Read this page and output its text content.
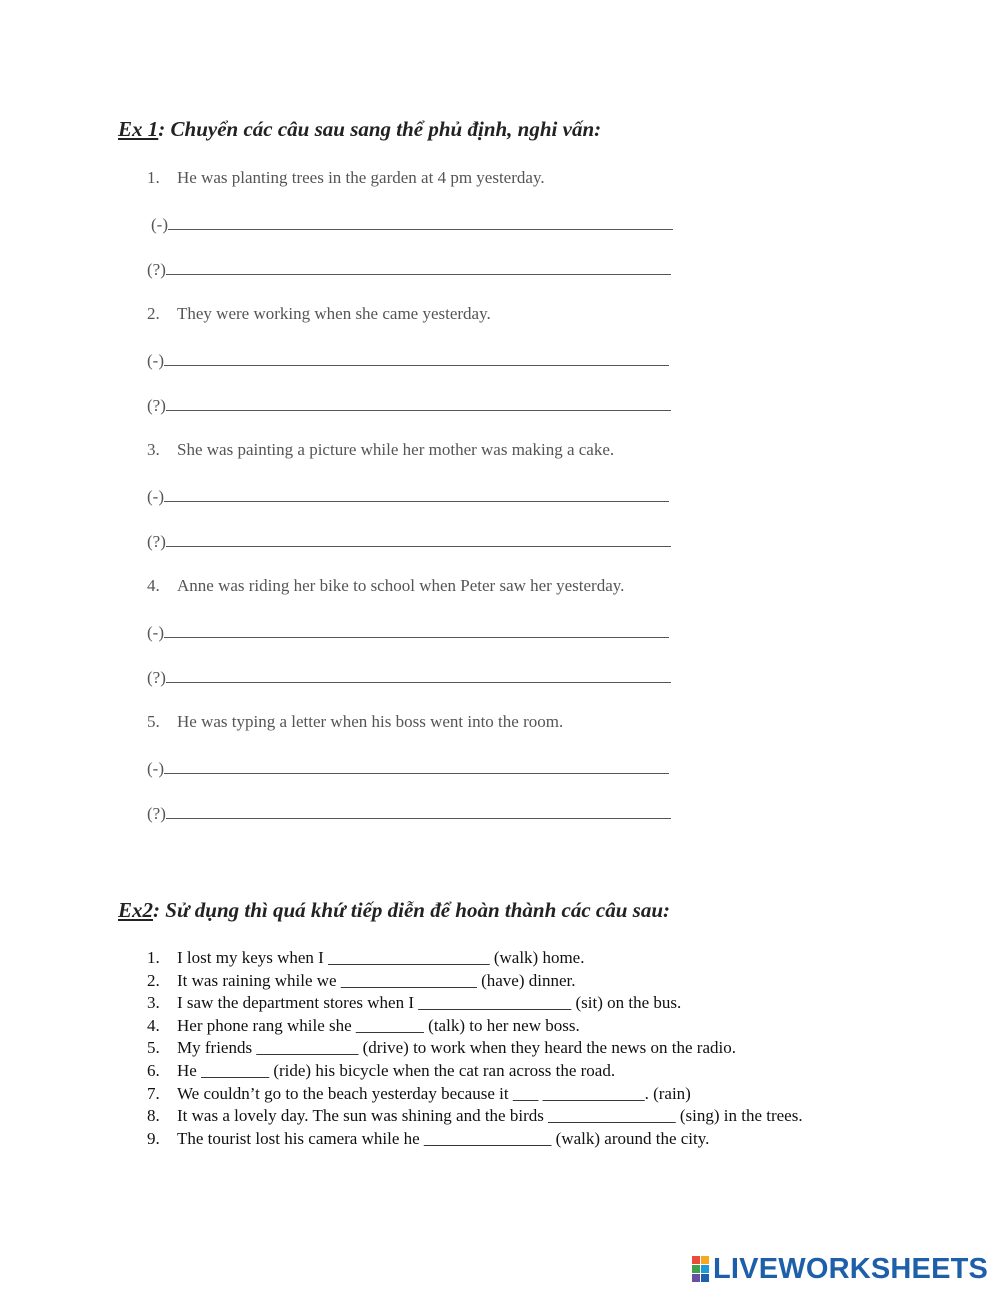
Ex 1: Chuyển các câu sau sang thể phủ định, nghi vấn:
1. He was planting trees in the garden at 4 pm yesterday.
(-)
(?)
2. They were working when she came yesterday.
(-)
(?)
3. She was painting a picture while her mother was making a cake.
(-)
(?)
4. Anne was riding her bike to school when Peter saw her yesterday.
(-)
(?)
5. He was typing a letter when his boss went into the room.
(-)
(?)
Ex2: Sử dụng thì quá khứ tiếp diễn để hoàn thành các câu sau:
1.	I lost my keys when I ___________________ (walk) home.
2.	It was raining while we ________________ (have) dinner.
3.	I saw the department stores when I __________________ (sit) on the bus.
4.	Her phone rang while she ________ (talk) to her new boss.
5.	My friends ____________ (drive) to work when they heard the news on the radio.
6.	He ________ (ride) his bicycle when the cat ran across the road.
7.	We couldn’t go to the beach yesterday because it ___ ____________. (rain)
8.	It was a lovely day. The sun was shining and the birds _______________ (sing) in the trees.
9.	The tourist lost his camera while he _______________ (walk) around the city.
LIVEWORKSHEETS
